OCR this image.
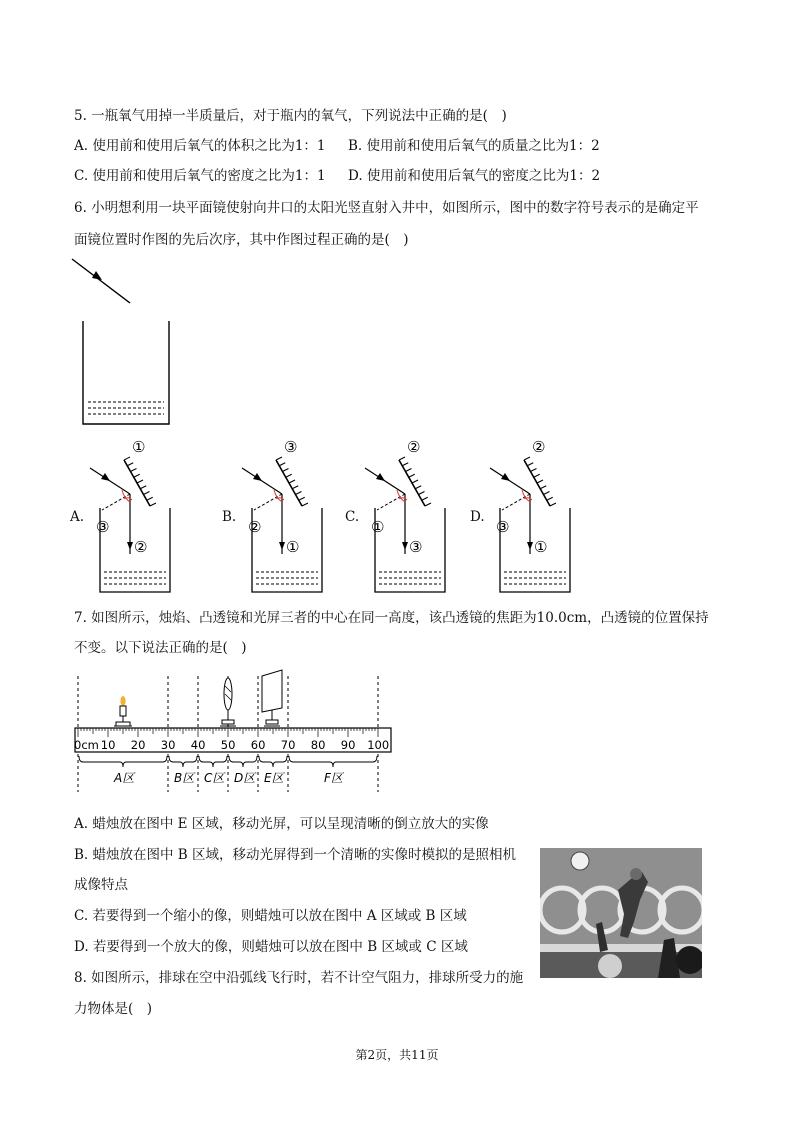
5. 一瓶氧气用掉一半质量后，对于瓶内的氧气，下列说法中正确的是(　)
A. 使用前和使用后氧气的体积之比为1：1 B. 使用前和使用后氧气的质量之比为1：2
C. 使用前和使用后氧气的密度之比为1：1 D. 使用前和使用后氧气的密度之比为1：2
6. 小明想利用一块平面镜使射向井口的太阳光竖直射入井中，如图所示，图中的数字符号表示的是确定平
面镜位置时作图的先后次序，其中作图过程正确的是(　)
A.
①
③
②
B.
③
②
①
C.
②
①
③
D.
②
③
①
7. 如图所示，烛焰、凸透镜和光屏三者的中心在同一高度，该凸透镜的焦距为10.0cm，凸透镜的位置保持
不变。以下说法正确的是(　)
0cm 10 20 30 40 50 60 70 80 90 100
A区	B区 C区 D区 E区	F区
A. 蜡烛放在图中 E 区域，移动光屏，可以呈现清晰的倒立放大的实像
B. 蜡烛放在图中 B 区域，移动光屏得到一个清晰的实像时模拟的是照相机
成像特点
C. 若要得到一个缩小的像，则蜡烛可以放在图中 A 区域或 B 区域
D. 若要得到一个放大的像，则蜡烛可以放在图中 B 区域或 C 区域
8. 如图所示，排球在空中沿弧线飞行时，若不计空气阻力，排球所受力的施
力物体是(　)
第2页，共11页
